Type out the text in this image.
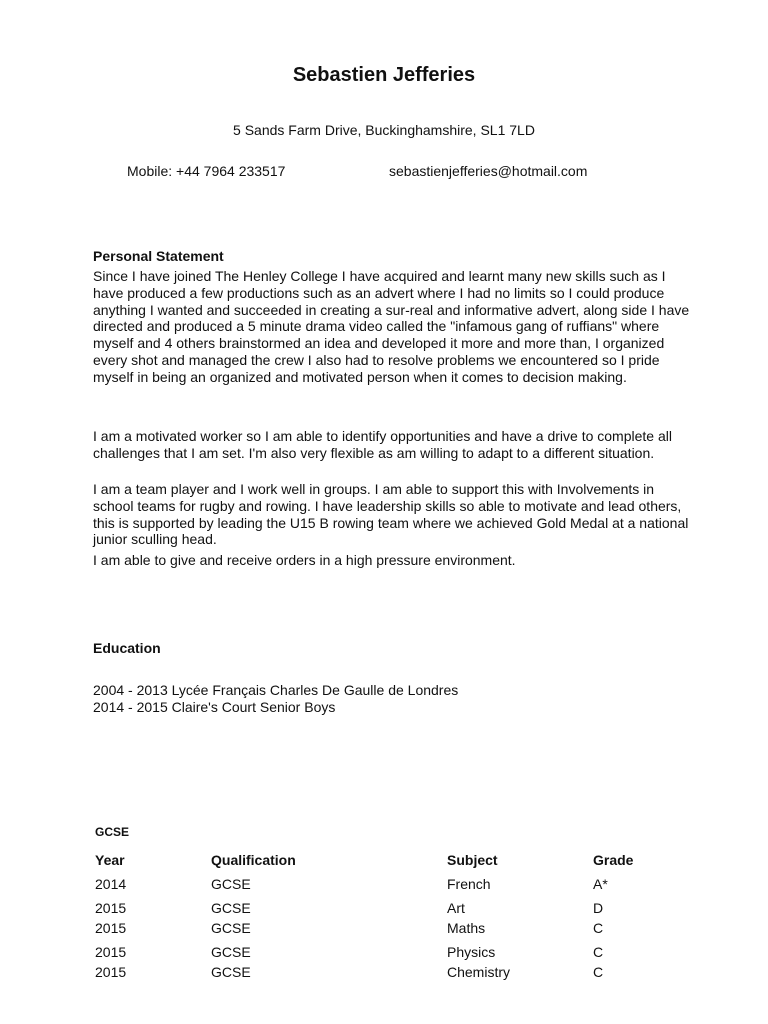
Sebastien Jefferies
5 Sands Farm Drive, Buckinghamshire, SL1 7LD
Mobile: +44 7964 233517	sebastienjefferies@hotmail.com
Personal Statement

Since I have joined The Henley College I have acquired and learnt many new skills such as I have produced a few productions such as an advert where I had no limits so I could produce anything I wanted and succeeded in creating a sur-real and informative advert, along side I have directed and produced a 5 minute drama video called the "infamous gang of ruffians" where myself and 4 others brainstormed an idea and developed it more and more than, I organized every shot and managed the crew I also had to resolve problems we encountered so I pride myself in being an organized and motivated person when it comes to decision making.

I am a motivated worker so I am able to identify opportunities and have a drive to complete all challenges that I am set. I'm also very flexible as am willing to adapt to a different situation.

I am a team player and I work well in groups. I am able to support this with Involvements in school teams for rugby and rowing. I have leadership skills so able to motivate and lead others, this is supported by leading the U15 B rowing team where we achieved Gold Medal at a national junior sculling head.

I am able to give and receive orders in a high pressure environment.

Education
2004 - 2013 Lycée Français Charles De Gaulle de Londres
2014 - 2015 Claire's Court Senior Boys
GCSE
Year	Qualification	Subject	Grade
2014	GCSE	French	A*
2015	GCSE	Art	D
2015	GCSE	Maths	C
2015	GCSE	Physics	C
2015	GCSE	Chemistry	C
